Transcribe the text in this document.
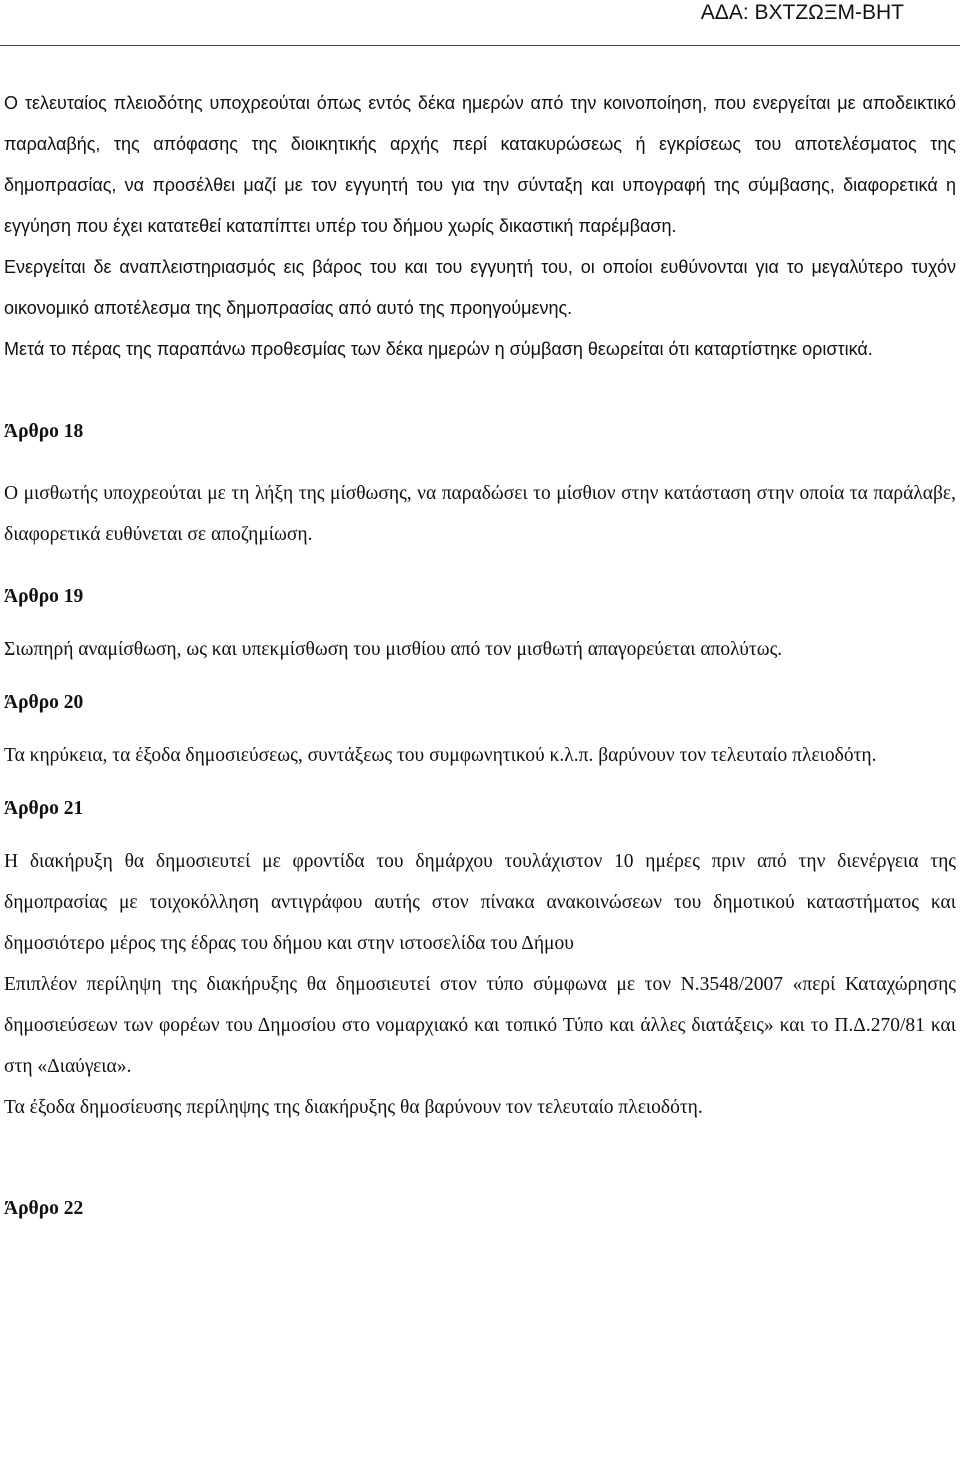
ΑΔΑ: ΒΧΤΖΩΞΜ-ΒΗΤ

Ο τελευταίος πλειοδότης υποχρεούται όπως εντός δέκα ημερών από την κοινοποίηση, που ενεργείται με αποδεικτικό παραλαβής, της απόφασης της διοικητικής αρχής περί κατακυρώσεως ή εγκρίσεως του αποτελέσματος της δημοπρασίας, να προσέλθει μαζί με τον εγγυητή του για την σύνταξη και υπογραφή της σύμβασης, διαφορετικά η εγγύηση που έχει κατατεθεί καταπίπτει υπέρ του δήμου χωρίς δικαστική παρέμβαση.

Ενεργείται δε αναπλειστηριασμός εις βάρος του και του εγγυητή του, οι οποίοι ευθύνονται για το μεγαλύτερο τυχόν οικονομικό αποτέλεσμα της δημοπρασίας από αυτό της προηγούμενης.

Μετά το πέρας της παραπάνω προθεσμίας των δέκα ημερών η σύμβαση θεωρείται ότι καταρτίστηκε οριστικά.

Άρθρο 18

Ο μισθωτής υποχρεούται με τη λήξη της μίσθωσης, να παραδώσει το μίσθιον στην κατάσταση στην οποία τα παράλαβε, διαφορετικά ευθύνεται σε αποζημίωση.

Άρθρο 19

Σιωπηρή αναμίσθωση, ως και υπεκμίσθωση του μισθίου από τον μισθωτή απαγορεύεται απολύτως.

Άρθρο 20

Τα κηρύκεια, τα έξοδα δημοσιεύσεως, συντάξεως του συμφωνητικού κ.λ.π. βαρύνουν τον τελευταίο πλειοδότη.

Άρθρο 21

Η διακήρυξη θα δημοσιευτεί με φροντίδα του δημάρχου τουλάχιστον 10 ημέρες πριν από την διενέργεια της δημοπρασίας με τοιχοκόλληση αντιγράφου αυτής στον πίνακα ανακοινώσεων του δημοτικού καταστήματος και δημοσιότερο μέρος της έδρας του δήμου και στην ιστοσελίδα του Δήμου

Επιπλέον περίληψη της διακήρυξης θα δημοσιευτεί στον τύπο σύμφωνα με τον Ν.3548/2007 «περί Καταχώρησης δημοσιεύσεων των φορέων του Δημοσίου στο νομαρχιακό και τοπικό Τύπο και άλλες διατάξεις» και το Π.Δ.270/81 και στη «Διαύγεια».

Τα έξοδα δημοσίευσης περίληψης της διακήρυξης θα βαρύνουν τον τελευταίο πλειοδότη.

Άρθρο 22
